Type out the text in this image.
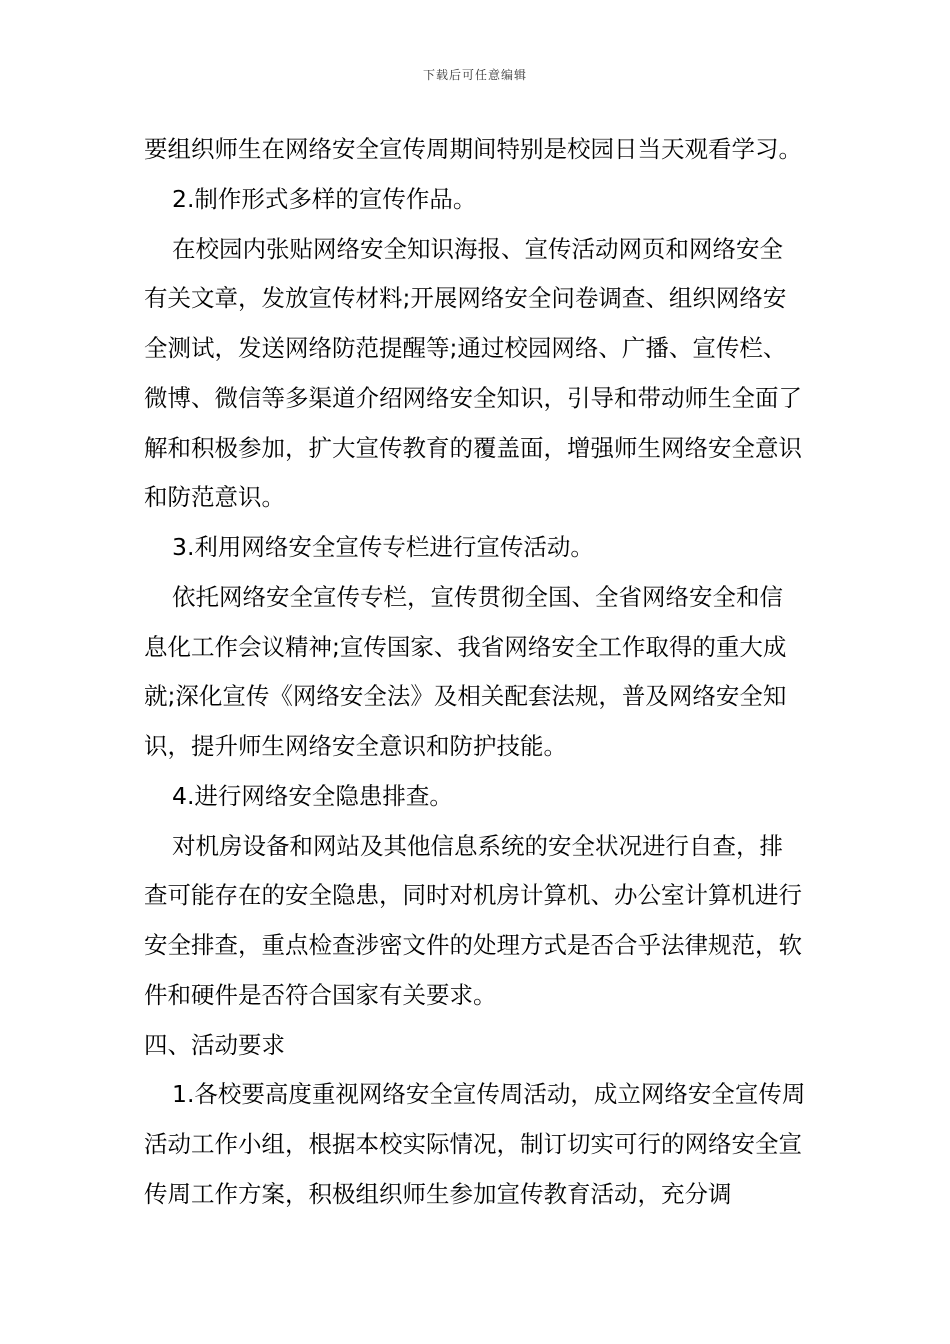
下载后可任意编辑

要组织师生在网络安全宣传周期间特别是校园日当天观看学习。

2.制作形式多样的宣传作品。

在校园内张贴网络安全知识海报、宣传活动网页和网络安全有关文章，发放宣传材料;开展网络安全问卷调查、组织网络安全测试，发送网络防范提醒等;通过校园网络、广播、宣传栏、微博、微信等多渠道介绍网络安全知识，引导和带动师生全面了解和积极参加，扩大宣传教育的覆盖面，增强师生网络安全意识和防范意识。

3.利用网络安全宣传专栏进行宣传活动。

依托网络安全宣传专栏，宣传贯彻全国、全省网络安全和信息化工作会议精神;宣传国家、我省网络安全工作取得的重大成就;深化宣传《网络安全法》及相关配套法规，普及网络安全知识，提升师生网络安全意识和防护技能。

4.进行网络安全隐患排查。

对机房设备和网站及其他信息系统的安全状况进行自查，排查可能存在的安全隐患，同时对机房计算机、办公室计算机进行安全排查，重点检查涉密文件的处理方式是否合乎法律规范，软件和硬件是否符合国家有关要求。

四、活动要求

1.各校要高度重视网络安全宣传周活动，成立网络安全宣传周活动工作小组，根据本校实际情况，制订切实可行的网络安全宣传周工作方案，积极组织师生参加宣传教育活动，充分调
